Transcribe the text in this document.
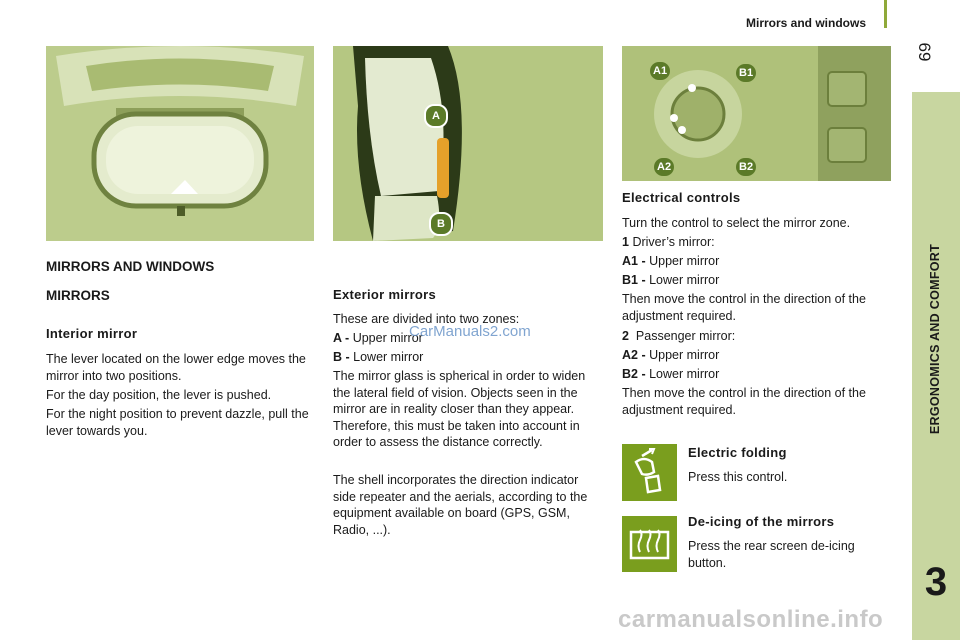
Mirrors and windows
69
ERGONOMICS AND COMFORT
3
A
B
A1	B1
A2	B2
MIRRORS AND WINDOWS
MIRRORS
Interior mirror

The lever located on the lower edge moves the mirror into two positions.

For the day position, the lever is pushed.

For the night position to prevent dazzle, pull the lever towards you.

Exterior mirrors

These are divided into two zones:

A - Upper mirror

B - Lower mirror

The mirror glass is spherical in order to widen the lateral field of vision. Objects seen in the mirror are in reality closer than they appear. Therefore, this must be taken into account in order to assess the distance correctly.

The shell incorporates the direction indicator side repeater and the aerials, according to the equipment available on board (GPS, GSM, Radio, ...).

CarManuals2.com
Electrical controls

Turn the control to select the mirror zone.

1 Driver’s mirror:

A1 - Upper mirror

B1 - Lower mirror

Then move the control in the direction of the adjustment required.

2 Passenger mirror:

A2 - Upper mirror

B2 - Lower mirror

Then move the control in the direction of the adjustment required.

Electric folding

Press this control.

De-icing of the mirrors

Press the rear screen de-icing button.

carmanualsonline.info
